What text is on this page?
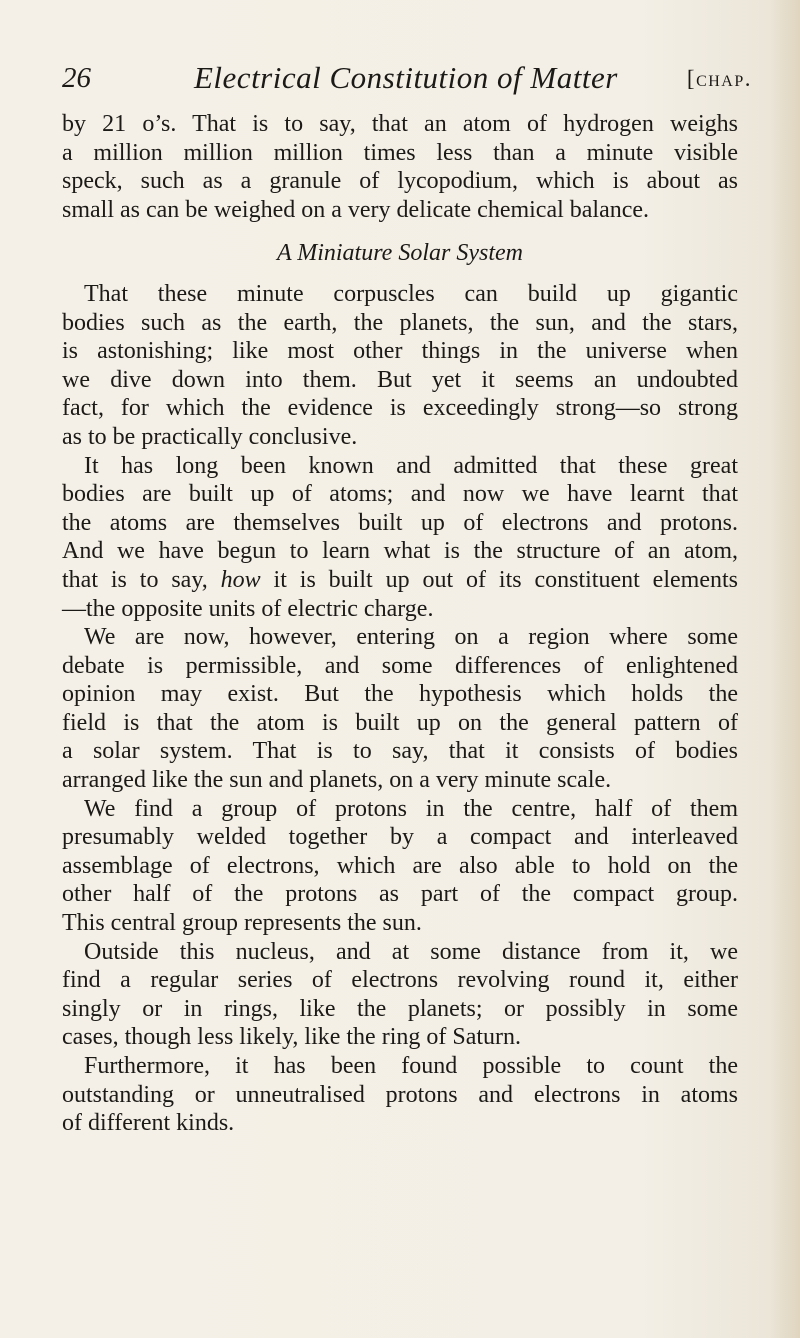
26	Electrical Constitution of Matter	[chap.
by 21 o’s. That is to say, that an atom of hydrogen weighs
a million million million times less than a minute visible
speck, such as a granule of lycopodium, which is about as
small as can be weighed on a very delicate chemical balance.
A Miniature Solar System
That these minute corpuscles can build up gigantic
bodies such as the earth, the planets, the sun, and the stars,
is astonishing; like most other things in the universe when
we dive down into them. But yet it seems an undoubted
fact, for which the evidence is exceedingly strong—so strong
as to be practically conclusive.
It has long been known and admitted that these great
bodies are built up of atoms; and now we have learnt that
the atoms are themselves built up of electrons and protons.
And we have begun to learn what is the structure of an atom,
that is to say, how it is built up out of its constituent elements
—the opposite units of electric charge.
We are now, however, entering on a region where some
debate is permissible, and some differences of enlightened
opinion may exist. But the hypothesis which holds the
field is that the atom is built up on the general pattern of
a solar system. That is to say, that it consists of bodies
arranged like the sun and planets, on a very minute scale.
We find a group of protons in the centre, half of them
presumably welded together by a compact and interleaved
assemblage of electrons, which are also able to hold on the
other half of the protons as part of the compact group.
This central group represents the sun.
Outside this nucleus, and at some distance from it, we
find a regular series of electrons revolving round it, either
singly or in rings, like the planets; or possibly in some
cases, though less likely, like the ring of Saturn.
Furthermore, it has been found possible to count the
outstanding or unneutralised protons and electrons in atoms
of different kinds.
